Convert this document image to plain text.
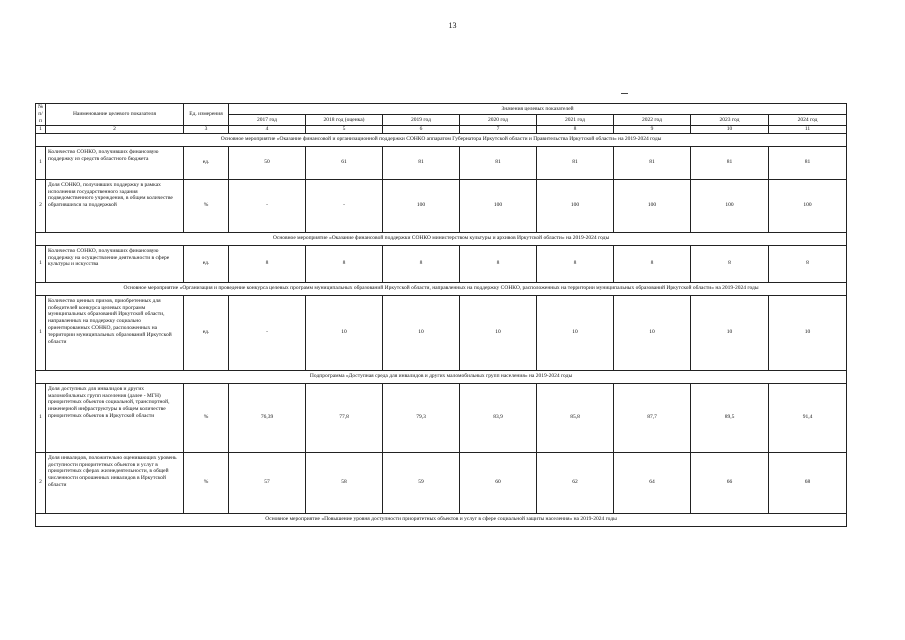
13
№ п/п	Наименование целевого показателя	Ед. измерения	Значения целевых показателей							
			2017 год	2018 год (оценка)	2019 год	2020 год	2021 год	2022 год	2023 год	2024 год
1	2	3	4	5	6	7	8	9	10	11
Основное мероприятие «Оказание финансовой и организационной поддержки СОНКО аппаратом Губернатора Иркутской области и Правительства Иркутской области» на 2019-2024 годы										
1	Количество СОНКО, получивших финансовую поддержку из средств областного бюджета	ед.	50	61	81	81	81	81	81	81
2	Доля СОНКО, получивших поддержку в рамках исполнения государственного задания подведомственного учреждения, в общем количестве обратившихся за поддержкой	%	-	-	100	100	100	100	100	100
Основное мероприятие «Оказание финансовой поддержки СОНКО министерством культуры и архивов Иркутской области» на 2019-2024 годы										
1	Количество СОНКО, получивших финансовую поддержку на осуществление деятельности в сфере культуры и искусства	ед.	8	8	8	8	8	8	8	8
Основное мероприятие «Организация и проведение конкурса целевых программ муниципальных образований Иркутской области, направленных на поддержку СОНКО, расположенных на территории муниципальных образований Иркутской области» на 2019-2024 годы										
1	Количество ценных призов, приобретенных для победителей конкурса целевых программ муниципальных образований Иркутской области, направленных на поддержку социально ориентированных СОНКО, расположенных на территории муниципальных образований Иркутской области	ед.	-	10	10	10	10	10	10	10
Подпрограмма «Доступная среда для инвалидов и других маломобильных групп населения» на 2019-2024 годы										
1	Доля доступных для инвалидов и других маломобильных групп населения (далее - МГН) приоритетных объектов социальной, транспортной, инженерной инфраструктуры в общем количестве приоритетных объектов в Иркутской области	%	76,39	77,8	79,3	83,9	85,8	87,7	89,5	91,4
2	Доля инвалидов, положительно оценивающих уровень доступности приоритетных объектов и услуг в приоритетных сферах жизнедеятельности, в общей численности опрошенных инвалидов в Иркутской области	%	57	58	59	60	62	64	66	68
Основное мероприятие «Повышение уровня доступности приоритетных объектов и услуг в сфере социальной защиты населения» на 2019-2024 годы										
